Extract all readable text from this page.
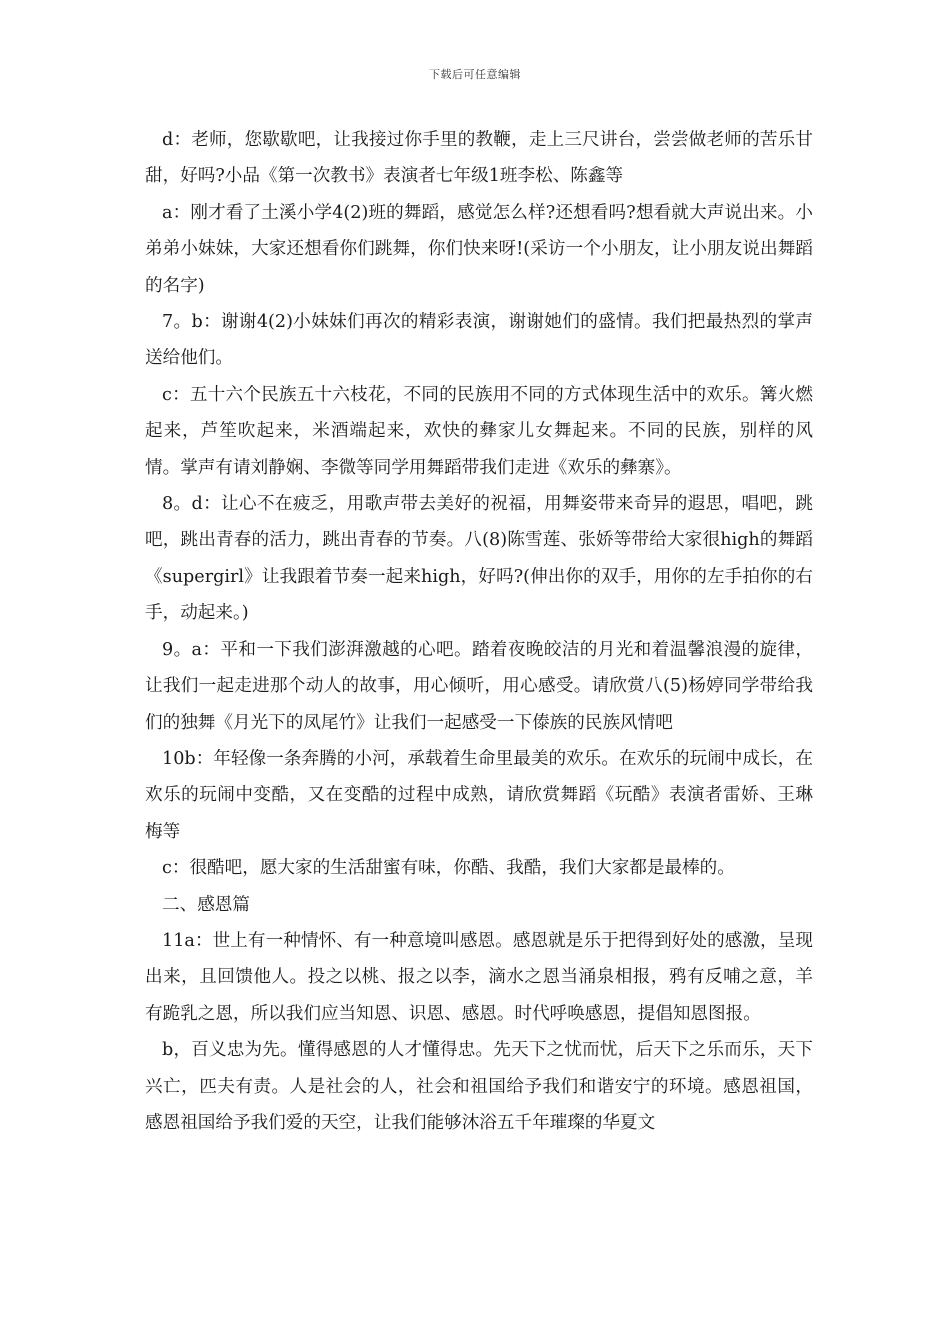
下载后可任意编辑

d：老师，您歇歇吧，让我接过你手里的教鞭，走上三尺讲台，尝尝做老师的苦乐甘甜，好吗?小品《第一次教书》表演者七年级1班李松、陈鑫等

a：刚才看了土溪小学4(2)班的舞蹈，感觉怎么样?还想看吗?想看就大声说出来。小弟弟小妹妹，大家还想看你们跳舞，你们快来呀!(采访一个小朋友，让小朋友说出舞蹈的名字)

7。b：谢谢4(2)小妹妹们再次的精彩表演，谢谢她们的盛情。我们把最热烈的掌声送给他们。

c：五十六个民族五十六枝花，不同的民族用不同的方式体现生活中的欢乐。篝火燃起来，芦笙吹起来，米酒端起来，欢快的彝家儿女舞起来。不同的民族，别样的风情。掌声有请刘静娴、李微等同学用舞蹈带我们走进《欢乐的彝寨》。

8。d：让心不在疲乏，用歌声带去美好的祝福，用舞姿带来奇异的遐思，唱吧，跳吧，跳出青春的活力，跳出青春的节奏。八(8)陈雪莲、张娇等带给大家很high的舞蹈《supergirl》让我跟着节奏一起来high，好吗?(伸出你的双手，用你的左手拍你的右手，动起来。)

9。a：平和一下我们澎湃激越的心吧。踏着夜晚皎洁的月光和着温馨浪漫的旋律，让我们一起走进那个动人的故事，用心倾听，用心感受。请欣赏八(5)杨婷同学带给我们的独舞《月光下的凤尾竹》让我们一起感受一下傣族的民族风情吧

10b：年轻像一条奔腾的小河，承载着生命里最美的欢乐。在欢乐的玩闹中成长，在欢乐的玩闹中变酷，又在变酷的过程中成熟，请欣赏舞蹈《玩酷》表演者雷娇、王琳梅等

c：很酷吧，愿大家的生活甜蜜有味，你酷、我酷，我们大家都是最棒的。

二、感恩篇

11a：世上有一种情怀、有一种意境叫感恩。感恩就是乐于把得到好处的感激，呈现出来，且回馈他人。投之以桃、报之以李，滴水之恩当涌泉相报，鸦有反哺之意，羊有跪乳之恩，所以我们应当知恩、识恩、感恩。时代呼唤感恩，提倡知恩图报。

b，百义忠为先。懂得感恩的人才懂得忠。先天下之忧而忧，后天下之乐而乐，天下兴亡，匹夫有责。人是社会的人，社会和祖国给予我们和谐安宁的环境。感恩祖国，感恩祖国给予我们爱的天空，让我们能够沐浴五千年璀璨的华夏文
